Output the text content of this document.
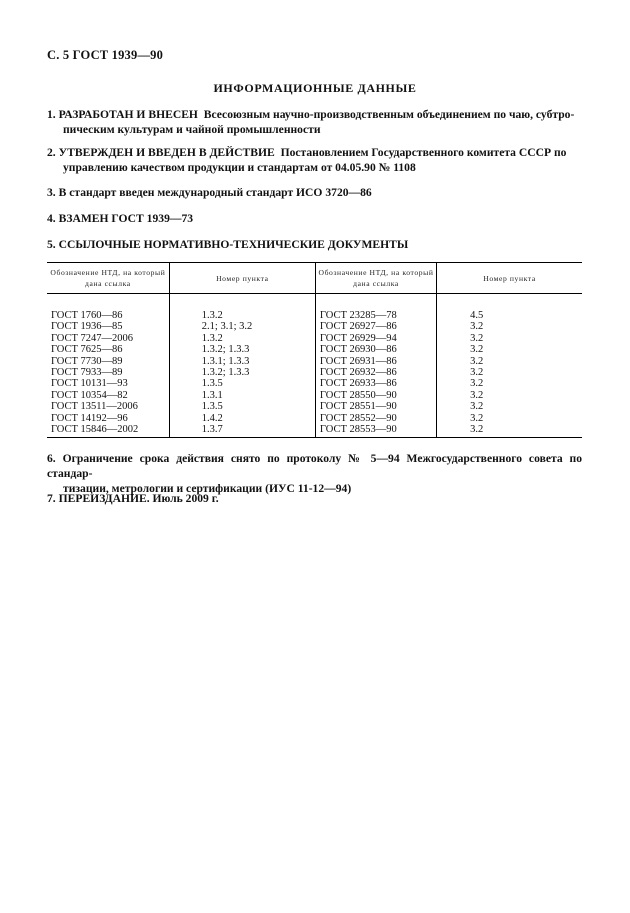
С. 5 ГОСТ 1939—90
ИНФОРМАЦИОННЫЕ ДАННЫЕ
1. РАЗРАБОТАН И ВНЕСЕН Всесоюзным научно-производственным объединением по чаю, субтро-
пическим культурам и чайной промышленности
2. УТВЕРЖДЕН И ВВЕДЕН В ДЕЙСТВИЕ Постановлением Государственного комитета СССР по
управлению качеством продукции и стандартам от 04.05.90 № 1108
3. В стандарт введен международный стандарт ИСО 3720—86
4. ВЗАМЕН ГОСТ 1939—73
5. ССЫЛОЧНЫЕ НОРМАТИВНО-ТЕХНИЧЕСКИЕ ДОКУМЕНТЫ
Обозначение НТД, на который дана ссылка	Номер пункта	Обозначение НТД, на который дана ссылка	Номер пункта
ГОСТ 1760—86	1.3.2	ГОСТ 23285—78	4.5
ГОСТ 1936—85	2.1; 3.1; 3.2	ГОСТ 26927—86	3.2
ГОСТ 7247—2006	1.3.2	ГОСТ 26929—94	3.2
ГОСТ 7625—86	1.3.2; 1.3.3	ГОСТ 26930—86	3.2
ГОСТ 7730—89	1.3.1; 1.3.3	ГОСТ 26931—86	3.2
ГОСТ 7933—89	1.3.2; 1.3.3	ГОСТ 26932—86	3.2
ГОСТ 10131—93	1.3.5	ГОСТ 26933—86	3.2
ГОСТ 10354—82	1.3.1	ГОСТ 28550—90	3.2
ГОСТ 13511—2006	1.3.5	ГОСТ 28551—90	3.2
ГОСТ 14192—96	1.4.2	ГОСТ 28552—90	3.2
ГОСТ 15846—2002	1.3.7	ГОСТ 28553—90	3.2
6. Ограничение срока действия снято по протоколу № 5—94 Межгосударственного совета по стандар-
тизации, метрологии и сертификации (ИУС 11-12—94)
7. ПЕРЕИЗДАНИЕ. Июль 2009 г.
